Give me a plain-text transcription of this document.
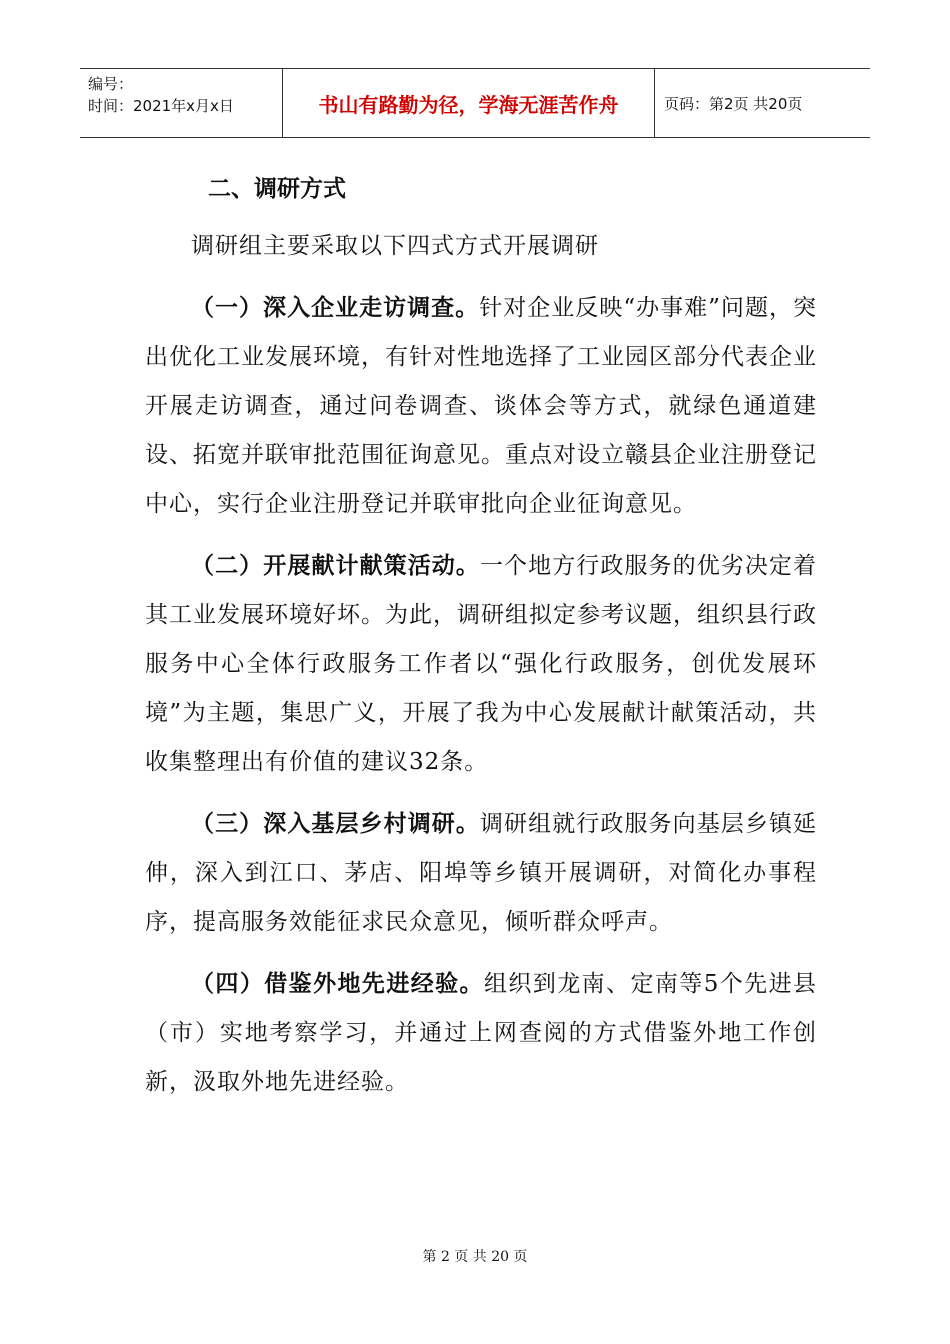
编号：
时间：2021年x月x日	书山有路勤为径，学海无涯苦作舟	页码：第2页 共20页
二、调研方式

调研组主要采取以下四式方式开展调研

（一）深入企业走访调查。针对企业反映“办事难”问题，突出优化工业发展环境，有针对性地选择了工业园区部分代表企业开展走访调查，通过问卷调查、谈体会等方式，就绿色通道建设、拓宽并联审批范围征询意见。重点对设立赣县企业注册登记中心，实行企业注册登记并联审批向企业征询意见。

（二）开展献计献策活动。一个地方行政服务的优劣决定着其工业发展环境好坏。为此，调研组拟定参考议题，组织县行政服务中心全体行政服务工作者以“强化行政服务，创优发展环境”为主题，集思广义，开展了我为中心发展献计献策活动，共收集整理出有价值的建议32条。

（三）深入基层乡村调研。调研组就行政服务向基层乡镇延伸，深入到江口、茅店、阳埠等乡镇开展调研，对简化办事程序，提高服务效能征求民众意见，倾听群众呼声。

（四）借鉴外地先进经验。组织到龙南、定南等5个先进县（市）实地考察学习，并通过上网查阅的方式借鉴外地工作创新，汲取外地先进经验。

第 2 页 共 20 页
